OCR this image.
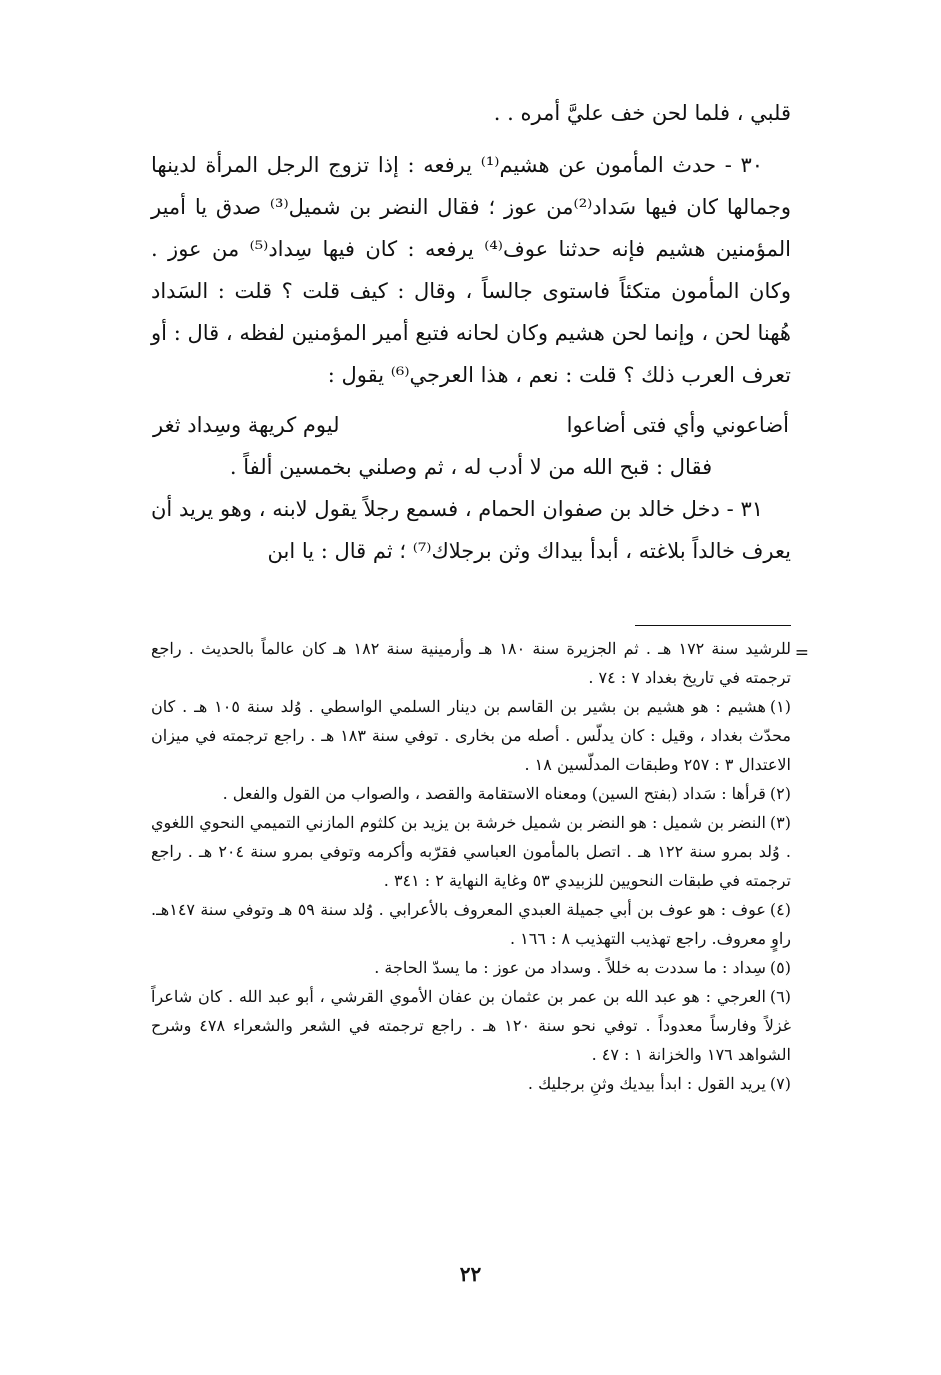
قلبي ، فلما لحن خف عليَّ أمره . .

٣٠ - حدث المأمون عن هشيم⁽¹⁾ يرفعه : إذا تزوج الرجل المرأة لدينها وجمالها كان فيها سَداد⁽²⁾من عوز ؛ فقال النضر بن شميل⁽³⁾ صدق يا أمير المؤمنين هشيم فإنه حدثنا عوف⁽⁴⁾ يرفعه : كان فيها سِداد⁽⁵⁾ من عوز . وكان المأمون متكئاً فاستوى جالساً ، وقال : كيف قلت ؟ قلت : السَداد هُهنا لحن ، وإنما لحن هشيم وكان لحانه فتبع أمير المؤمنين لفظه ، قال : أو تعرف العرب ذلك ؟ قلت : نعم ، هذا العرجي⁽⁶⁾ يقول :

أضاعوني وأي فتى أضاعوا
ليوم كريهة وسِداد ثغر

فقال : قبح الله من لا أدب له ، ثم وصلني بخمسين ألفاً .

٣١ - دخل خالد بن صفوان الحمام ، فسمع رجلاً يقول لابنه ، وهو يريد أن يعرف خالداً بلاغته ، أبدأ بيداك وثن برجلاك⁽⁷⁾ ؛ ثم قال : يا ابن

=

للرشيد سنة ١٧٢ هـ . ثم الجزيرة سنة ١٨٠ هـ وأرمينية سنة ١٨٢ هـ كان عالماً بالحديث . راجع ترجمته في تاريخ بغداد ٧ : ٧٤ .

(١)هشيم : هو هشيم بن بشير بن القاسم بن دينار السلمي الواسطي . وُلد سنة ١٠٥ هـ . كان محدّث بغداد ، وقيل : كان يدلّس . أصله من بخارى . توفي سنة ١٨٣ هـ . راجع ترجمته في ميزان الاعتدال ٣ : ٢٥٧ وطبقات المدلّسين ١٨ .

(٢)قرأها : سَداد (بفتح السين) ومعناه الاستقامة والقصد ، والصواب من القول والفعل .

(٣)النضر بن شميل : هو النضر بن شميل خرشة بن يزيد بن كلثوم المازني التميمي النحوي اللغوي . وُلد بمرو سنة ١٢٢ هـ . اتصل بالمأمون العباسي فقرّبه وأكرمه وتوفي بمرو سنة ٢٠٤ هـ . راجع ترجمته في طبقات النحويين للزبيدي ٥٣ وغاية النهاية ٢ : ٣٤١ .

(٤)عوف : هو عوف بن أبي جميلة العبدي المعروف بالأعرابي . وُلد سنة ٥٩ هـ وتوفي سنة ١٤٧هـ. راوٍ معروف. راجع تهذيب التهذيب ٨ : ١٦٦ .

(٥)سِداد : ما سددت به خللاً . وسداد من عوز : ما يسدّ الحاجة .

(٦)العرجي : هو عبد الله بن عمر بن عثمان بن عفان الأموي القرشي ، أبو عبد الله . كان شاعراً غزلاً وفارساً معدوداً . توفي نحو سنة ١٢٠ هـ . راجع ترجمته في الشعر والشعراء ٤٧٨ وشرح الشواهد ١٧٦ والخزانة ١ : ٤٧ .

(٧)يريد القول : ابدأ بيديك وثنِ برجليك .

٢٢
